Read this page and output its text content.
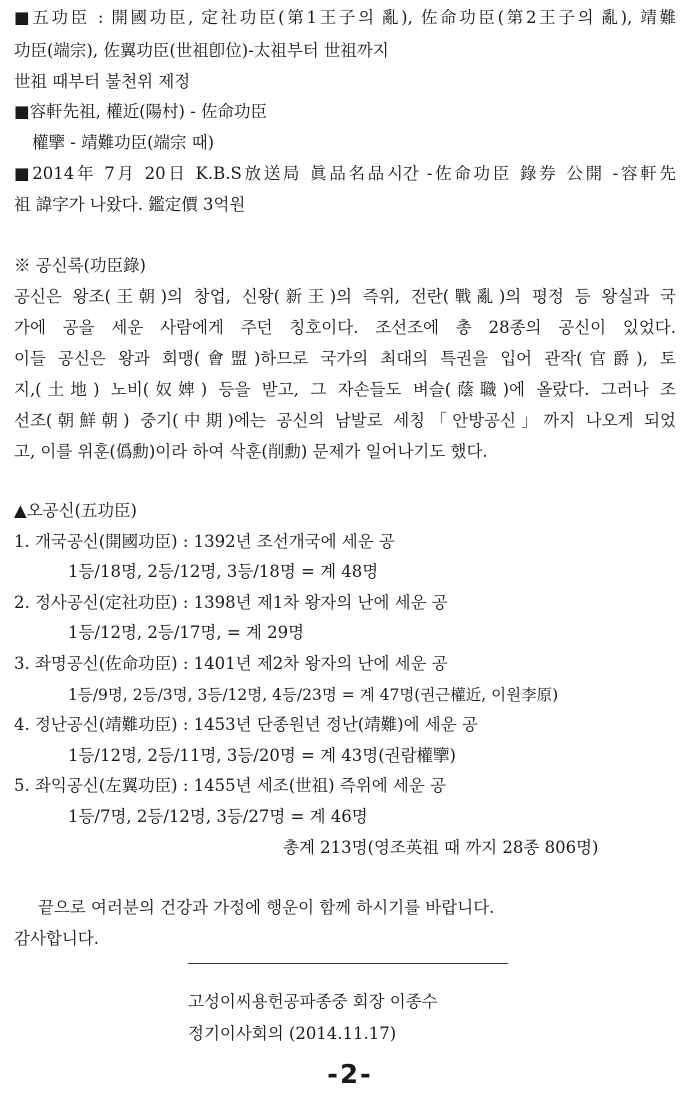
■五功臣 : 開國功臣, 定社功臣(第1王子의 亂), 佐命功臣(第2王子의 亂), 靖難
功臣(端宗), 佐翼功臣(世祖卽位)-太祖부터 世祖까지
世祖 때부터 불천위 제정
■容軒先祖, 權近(陽村) - 佐命功臣
權擥 - 靖難功臣(端宗 때)
■2014年 7月 20日 K.B.S放送局 眞品名品시간 -佐命功臣 錄券 公開 -容軒先
祖 諱字가 나왔다. 鑑定價 3억원
※ 공신록(功臣錄)
공신은 왕조(王朝)의 창업, 신왕(新王)의 즉위, 전란(戰亂)의 평정 등 왕실과 국
가에 공을 세운 사람에게 주던 칭호이다. 조선조에 총 28종의 공신이 있었다.
이들 공신은 왕과 회맹(會盟)하므로 국가의 최대의 특권을 입어 관작(官爵), 토
지,(土地) 노비(奴婢) 등을 받고, 그 자손들도 벼슬(蔭職)에 올랐다. 그러나 조
선조(朝鮮朝) 중기(中期)에는 공신의 남발로 세칭「안방공신」까지 나오게 되었
고, 이를 위훈(僞勳)이라 하여 삭훈(削勳) 문제가 일어나기도 했다.
▲오공신(五功臣)
1. 개국공신(開國功臣) : 1392년 조선개국에 세운 공
1등/18명, 2등/12명, 3등/18명 = 계 48명
2. 정사공신(定社功臣) : 1398년 제1차 왕자의 난에 세운 공
1등/12명, 2등/17명, = 계 29명
3. 좌명공신(佐命功臣) : 1401년 제2차 왕자의 난에 세운 공
1등/9명, 2등/3명, 3등/12명, 4등/23명 = 계 47명(권근權近, 이원李原)
4. 정난공신(靖難功臣) : 1453년 단종원년 정난(靖難)에 세운 공
1등/12명, 2등/11명, 3등/20명 = 계 43명(권람權擥)
5. 좌익공신(左翼功臣) : 1455년 세조(世祖) 즉위에 세운 공
1등/7명, 2등/12명, 3등/27명 = 계 46명
총계 213명(영조英祖 때 까지 28종 806명)
끝으로 여러분의 건강과 가정에 행운이 함께 하시기를 바랍니다.
감사합니다.
고성이씨용헌공파종중 회장 이종수
정기이사회의 (2014.11.17)
-2-
